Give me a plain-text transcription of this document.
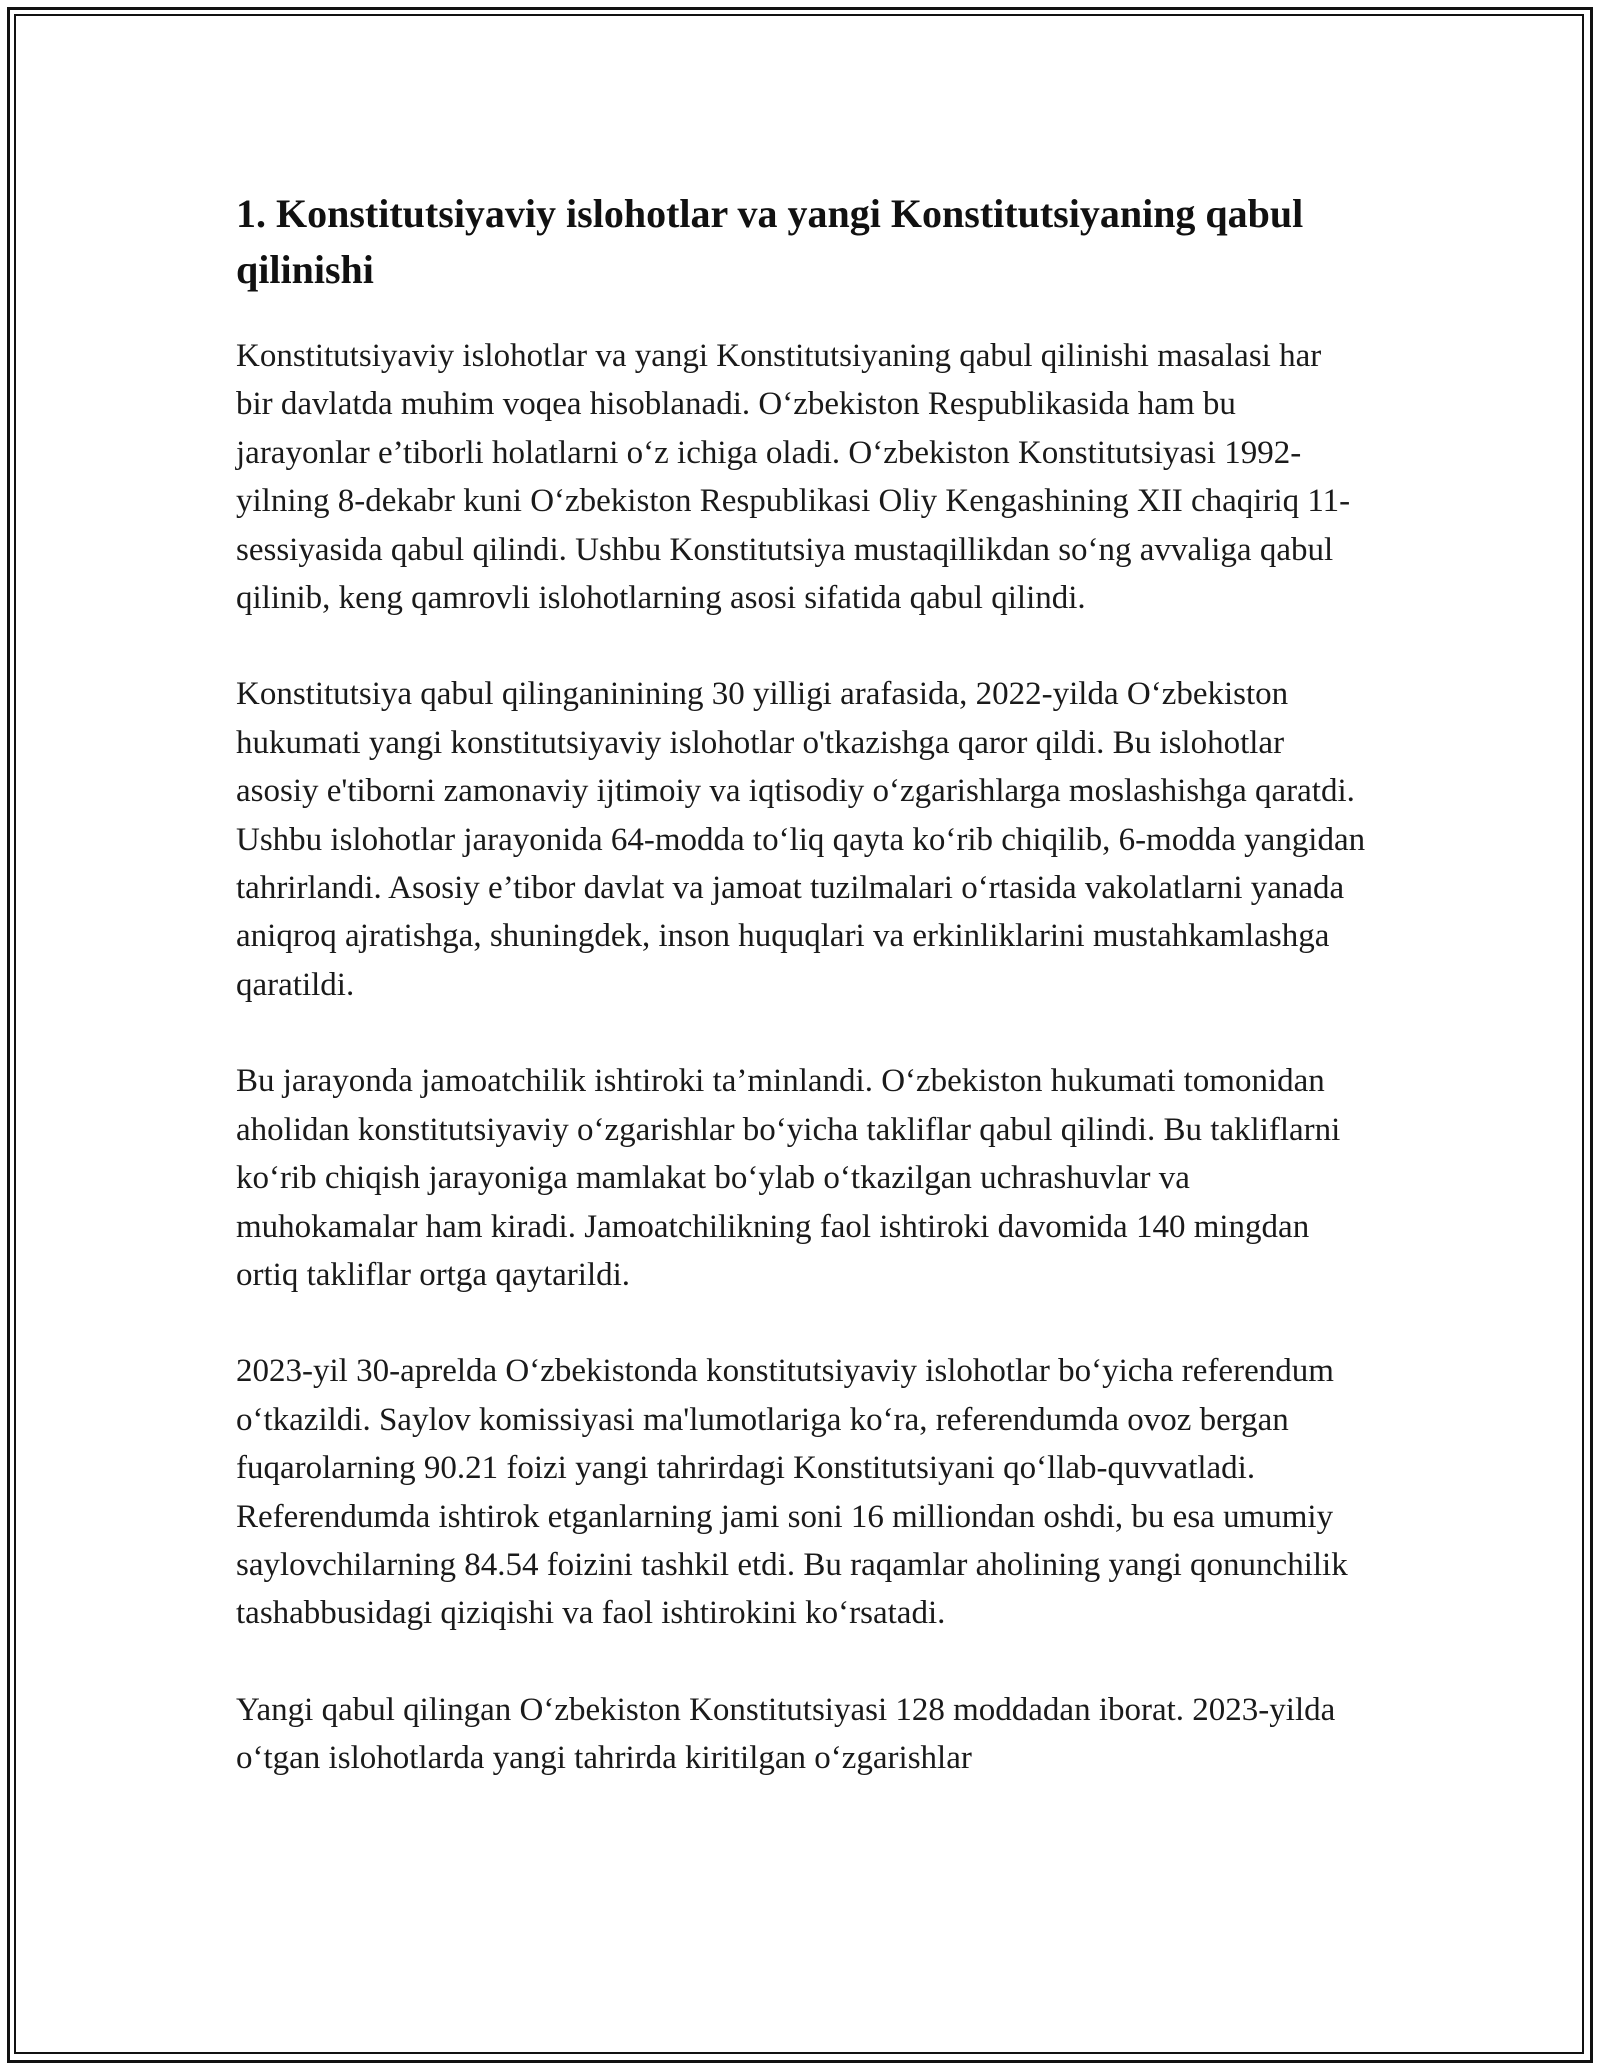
1. Konstitutsiyaviy islohotlar va yangi Konstitutsiyaning qabul qilinishi

Konstitutsiyaviy islohotlar va yangi Konstitutsiyaning qabul qilinishi masalasi har bir davlatda muhim voqea hisoblanadi. O‘zbekiston Respublikasida ham bu jarayonlar e’tiborli holatlarni o‘z ichiga oladi. O‘zbekiston Konstitutsiyasi 1992-yilning 8-dekabr kuni O‘zbekiston Respublikasi Oliy Kengashining XII chaqiriq 11-sessiyasida qabul qilindi. Ushbu Konstitutsiya mustaqillikdan so‘ng avvaliga qabul qilinib, keng qamrovli islohotlarning asosi sifatida qabul qilindi.

Konstitutsiya qabul qilinganinining 30 yilligi arafasida, 2022-yilda O‘zbekiston hukumati yangi konstitutsiyaviy islohotlar o'tkazishga qaror qildi. Bu islohotlar asosiy e'tiborni zamonaviy ijtimoiy va iqtisodiy o‘zgarishlarga moslashishga qaratdi. Ushbu islohotlar jarayonida 64-modda to‘liq qayta ko‘rib chiqilib, 6-modda yangidan tahrirlandi. Asosiy e’tibor davlat va jamoat tuzilmalari o‘rtasida vakolatlarni yanada aniqroq ajratishga, shuningdek, inson huquqlari va erkinliklarini mustahkamlashga qaratildi.

Bu jarayonda jamoatchilik ishtiroki ta’minlandi. O‘zbekiston hukumati tomonidan aholidan konstitutsiyaviy o‘zgarishlar bo‘yicha takliflar qabul qilindi. Bu takliflarni ko‘rib chiqish jarayoniga mamlakat bo‘ylab o‘tkazilgan uchrashuvlar va muhokamalar ham kiradi. Jamoatchilikning faol ishtiroki davomida 140 mingdan ortiq takliflar ortga qaytarildi.

2023-yil 30-aprelda O‘zbekistonda konstitutsiyaviy islohotlar bo‘yicha referendum o‘tkazildi. Saylov komissiyasi ma'lumotlariga ko‘ra, referendumda ovoz bergan fuqarolarning 90.21 foizi yangi tahrirdagi Konstitutsiyani qo‘llab-quvvatladi. Referendumda ishtirok etganlarning jami soni 16 milliondan oshdi, bu esa umumiy saylovchilarning 84.54 foizini tashkil etdi. Bu raqamlar aholining yangi qonunchilik tashabbusidagi qiziqishi va faol ishtirokini ko‘rsatadi.

Yangi qabul qilingan O‘zbekiston Konstitutsiyasi 128 moddadan iborat. 2023-yilda o‘tgan islohotlarda yangi tahrirda kiritilgan o‘zgarishlar
